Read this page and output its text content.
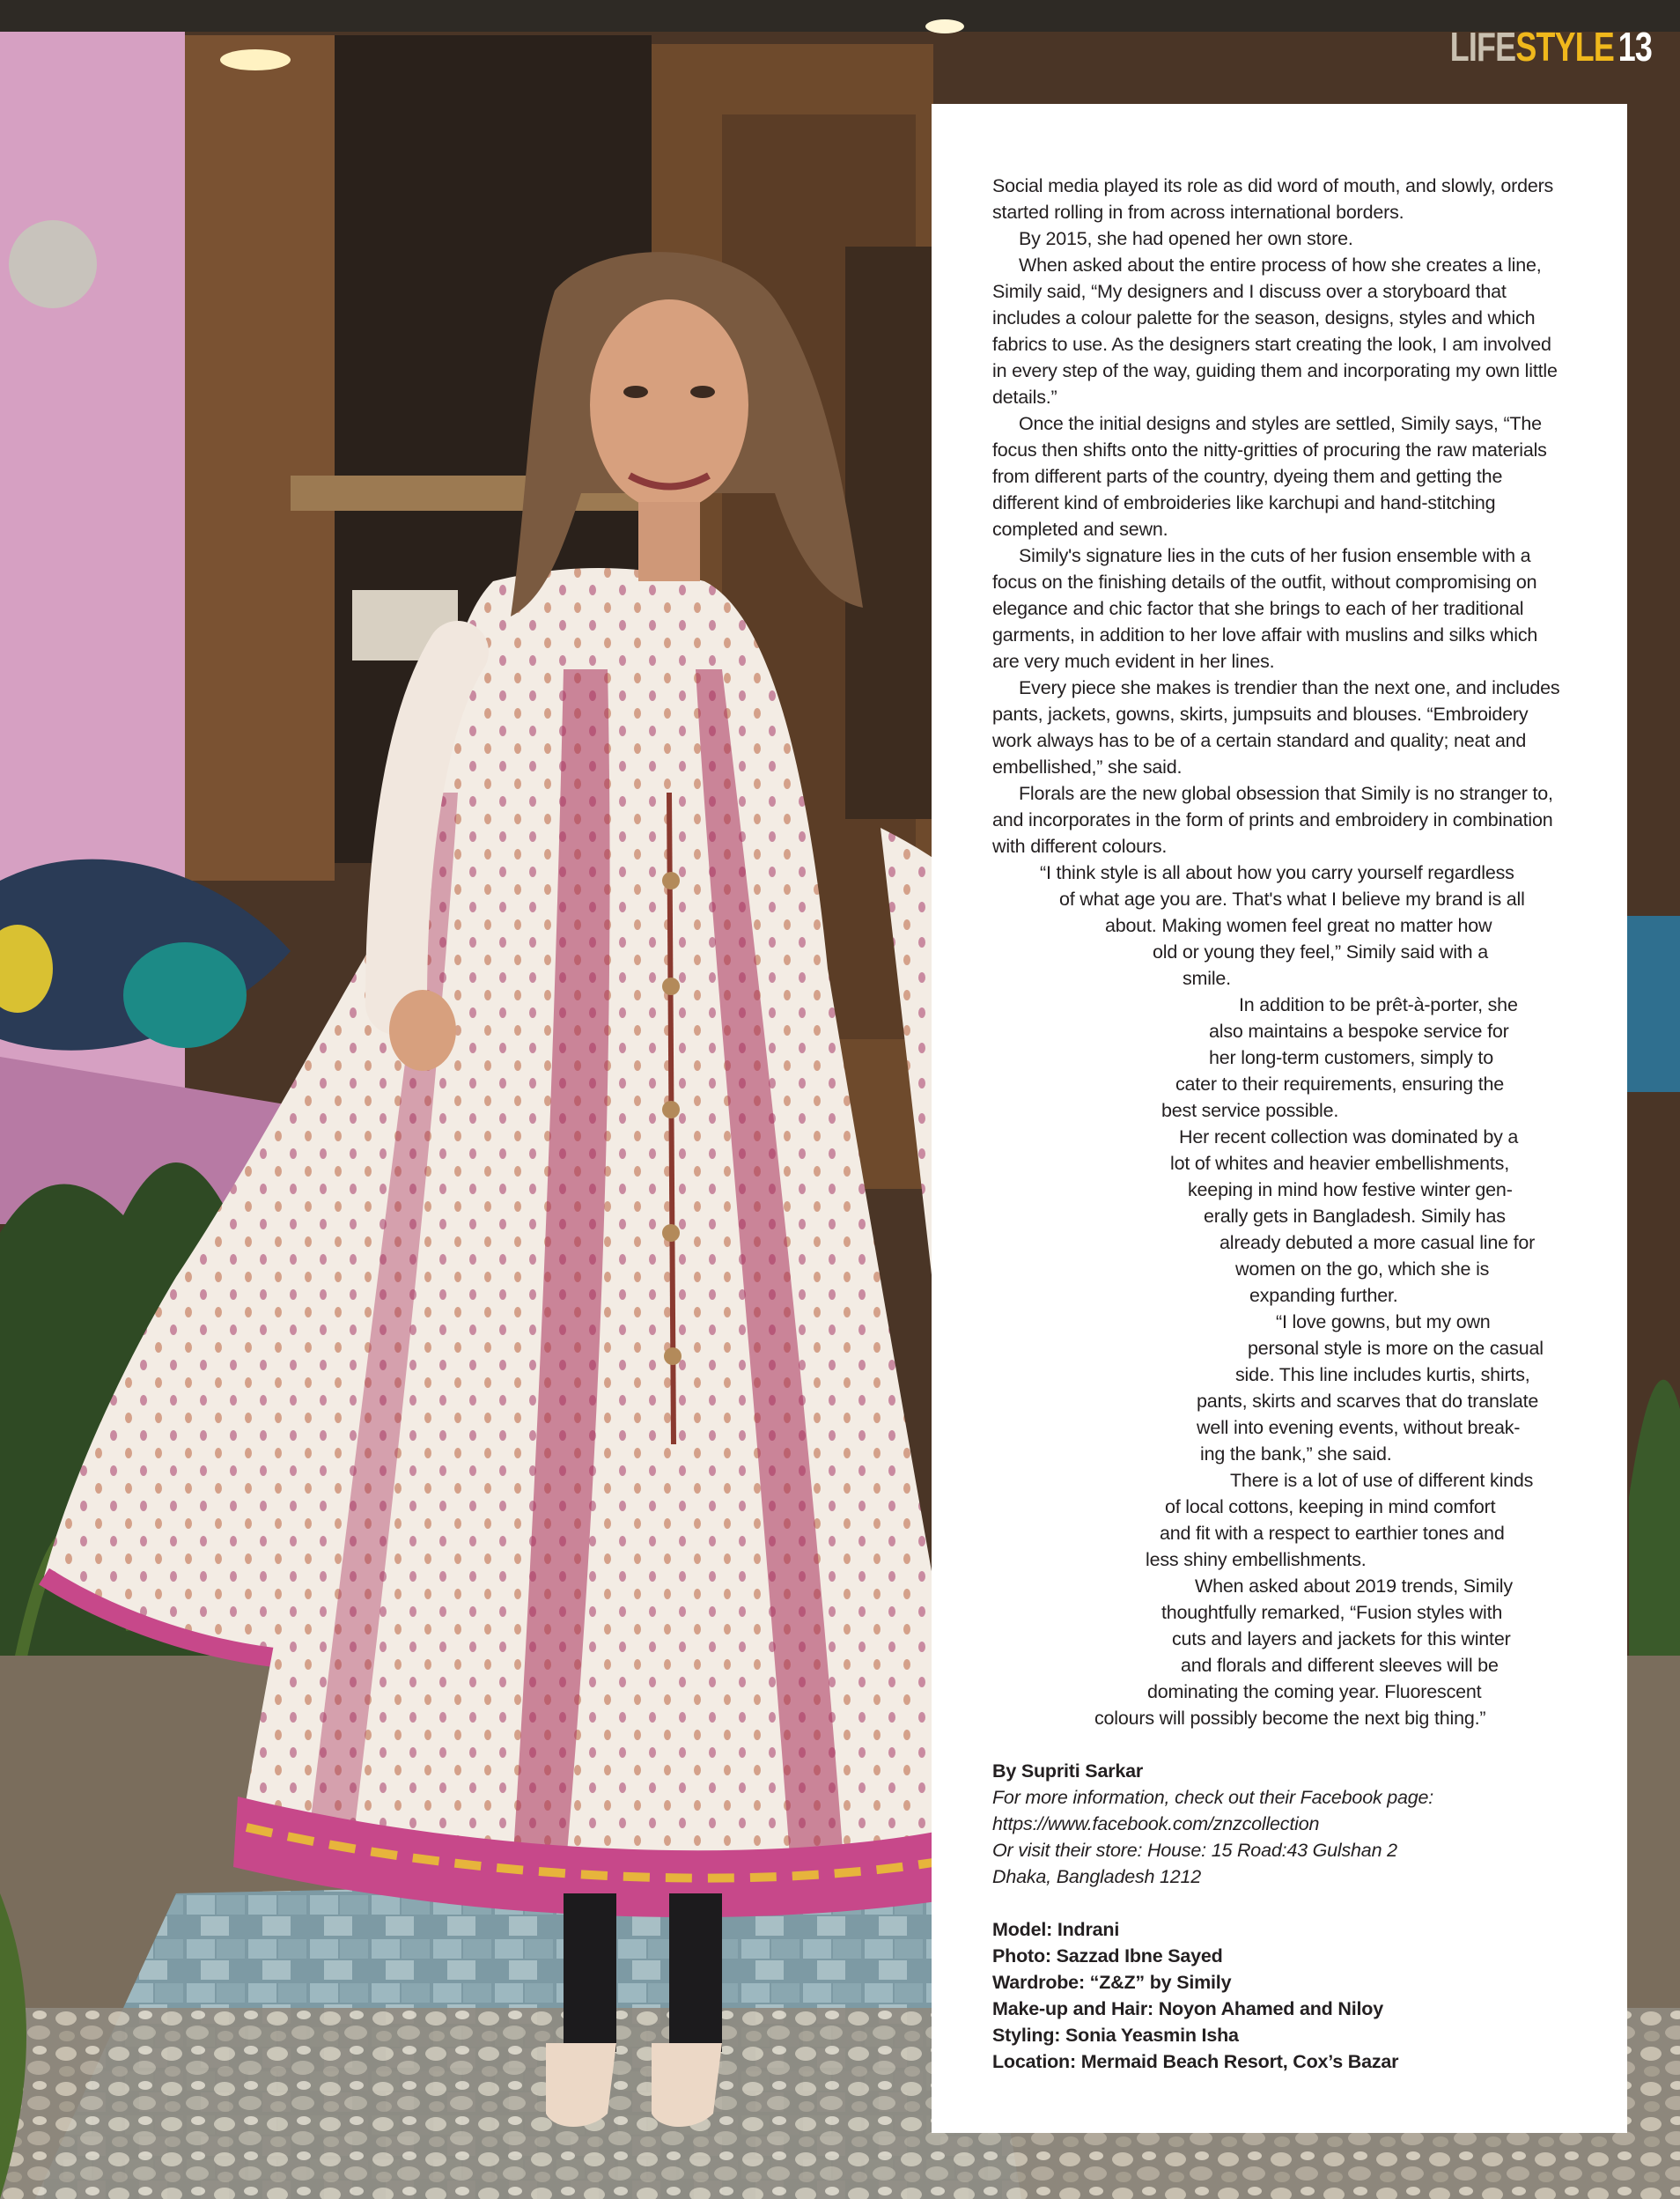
LIFESTYLE 13

Social media played its role as did word of mouth, and slowly, orders started rolling in from across international borders.

By 2015, she had opened her own store.

When asked about the entire process of how she creates a line, Simily said, “My designers and I discuss over a storyboard that includes a colour palette for the season, designs, styles and which fabrics to use. As the designers start creating the look, I am involved in every step of the way, guiding them and incorporating my own little details.”

Once the initial designs and styles are settled, Simily says, “The focus then shifts onto the nitty-gritties of procuring the raw materials from different parts of the country, dyeing them and getting the different kind of embroideries like karchupi and hand-stitching completed and sewn.

Simily's signature lies in the cuts of her fusion ensemble with a focus on the finishing details of the outfit, without compromising on elegance and chic factor that she brings to each of her traditional garments, in addition to her love affair with muslins and silks which are very much evident in her lines.

Every piece she makes is trendier than the next one, and includes pants, jackets, gowns, skirts, jumpsuits and blouses. “Embroidery work always has to be of a certain standard and quality; neat and embellished,” she said.

Florals are the new global obsession that Simily is no stranger to, and incorporates in the form of prints and embroidery in combination with different colours.

“I think style is all about how you carry yourself regardless
of what age you are. That's what I believe my brand is all
about. Making women feel great no matter how
old or young they feel,” Simily said with a
smile.
In addition to be prêt-à-porter, she
also maintains a bespoke service for
her long-term customers, simply to
cater to their requirements, ensuring the
best service possible.
Her recent collection was dominated by a
lot of whites and heavier embellishments,
keeping in mind how festive winter gen-
erally gets in Bangladesh. Simily has
already debuted a more casual line for
women on the go, which she is
expanding further.
“I love gowns, but my own
personal style is more on the casual
side. This line includes kurtis, shirts,
pants, skirts and scarves that do translate
well into evening events, without break-
ing the bank,” she said.
There is a lot of use of different kinds
of local cottons, keeping in mind comfort
and fit with a respect to earthier tones and
less shiny embellishments.
When asked about 2019 trends, Simily
thoughtfully remarked, “Fusion styles with
cuts and layers and jackets for this winter
and florals and different sleeves will be
dominating the coming year. Fluorescent
colours will possibly become the next big thing.”
By Supriti Sarkar
For more information, check out their Facebook page:
https://www.facebook.com/znzcollection
Or visit their store: House: 15 Road:43 Gulshan 2
Dhaka, Bangladesh 1212
Model: Indrani
Photo: Sazzad Ibne Sayed
Wardrobe: “Z&Z” by Simily
Make-up and Hair: Noyon Ahamed and Niloy
Styling: Sonia Yeasmin Isha
Location: Mermaid Beach Resort, Cox’s Bazar
